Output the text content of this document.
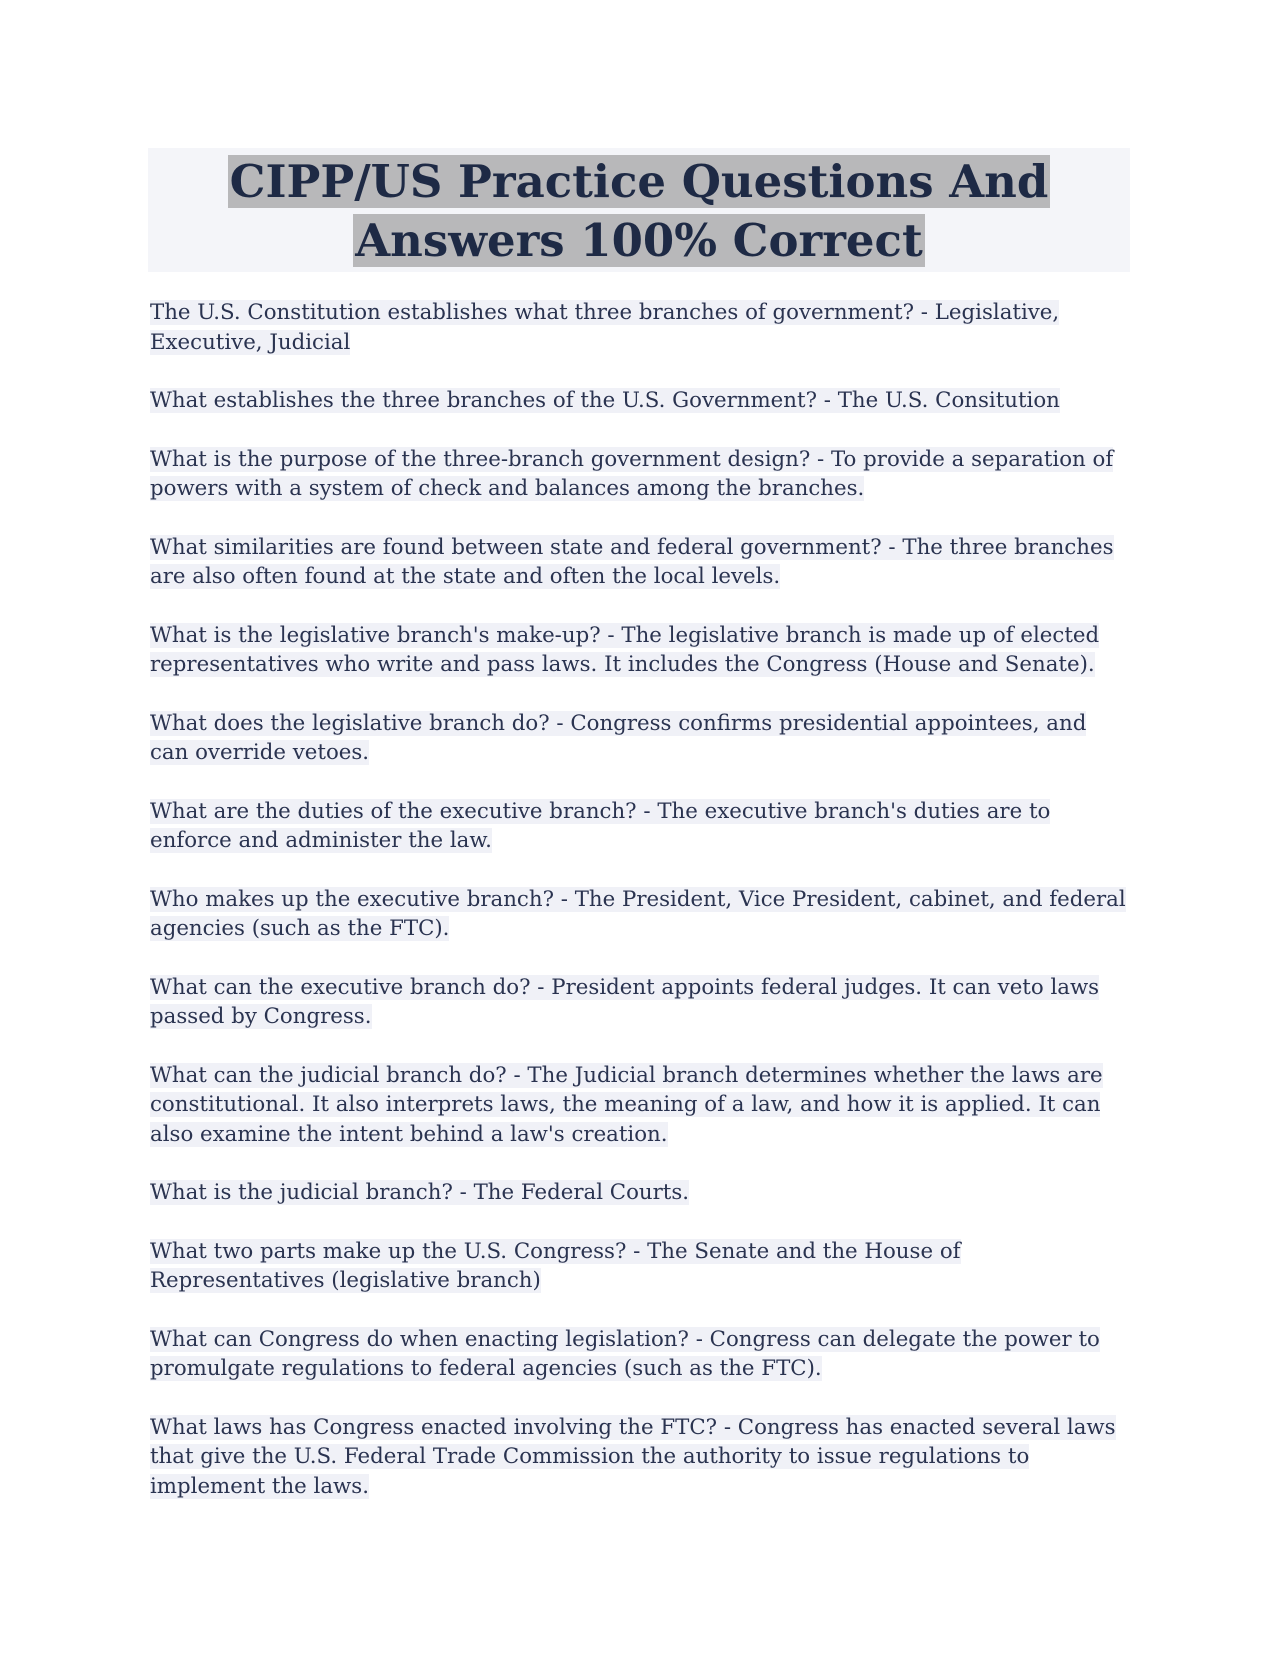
CIPP/US Practice Questions And Answers 100% Correct

The U.S. Constitution establishes what three branches of government? - Legislative, Executive, Judicial

What establishes the three branches of the U.S. Government? - The U.S. Consitution

What is the purpose of the three-branch government design? - To provide a separation of powers with a system of check and balances among the branches.

What similarities are found between state and federal government? - The three branches are also often found at the state and often the local levels.

What is the legislative branch's make-up? - The legislative branch is made up of elected representatives who write and pass laws. It includes the Congress (House and Senate).

What does the legislative branch do? - Congress confirms presidential appointees, and can override vetoes.

What are the duties of the executive branch? - The executive branch's duties are to enforce and administer the law.

Who makes up the executive branch? - The President, Vice President, cabinet, and federal agencies (such as the FTC).

What can the executive branch do? - President appoints federal judges. It can veto laws passed by Congress.

What can the judicial branch do? - The Judicial branch determines whether the laws are constitutional. It also interprets laws, the meaning of a law, and how it is applied. It can also examine the intent behind a law's creation.

What is the judicial branch? - The Federal Courts.

What two parts make up the U.S. Congress? - The Senate and the House of Representatives (legislative branch)

What can Congress do when enacting legislation? - Congress can delegate the power to promulgate regulations to federal agencies (such as the FTC).

What laws has Congress enacted involving the FTC? - Congress has enacted several laws that give the U.S. Federal Trade Commission the authority to issue regulations to implement the laws.
